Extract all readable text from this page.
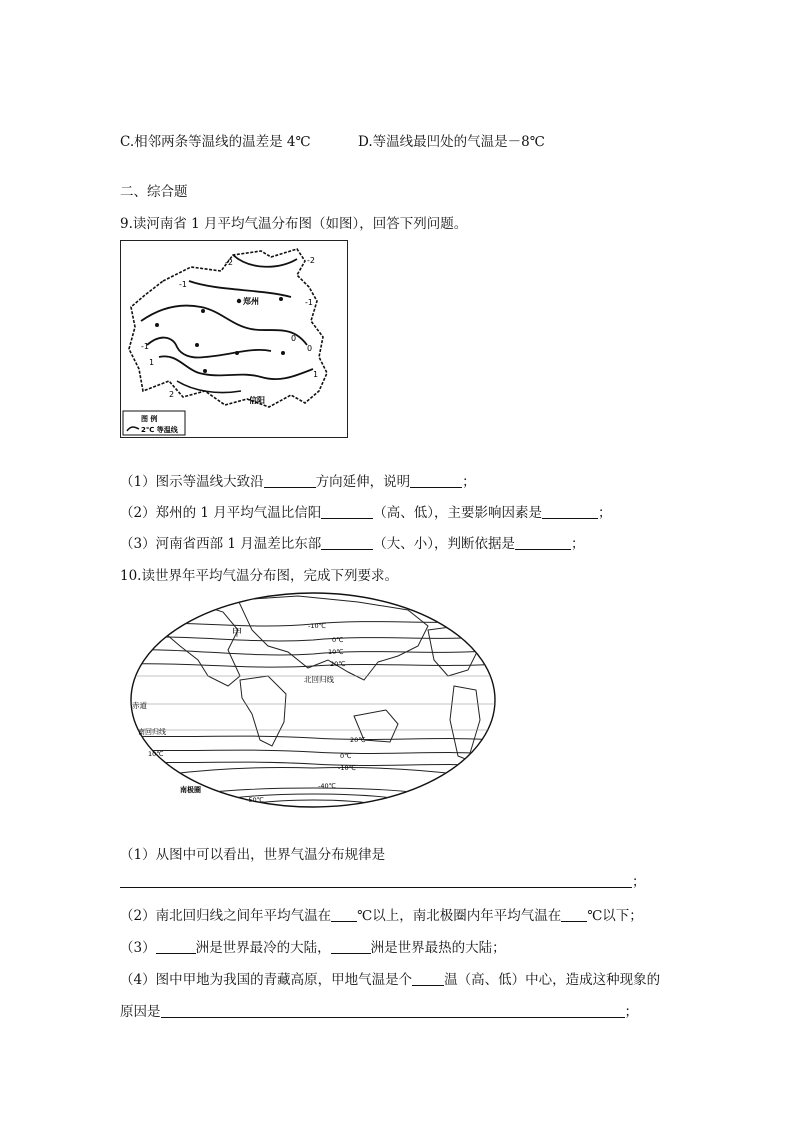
C.相邻两条等温线的温差是 4℃	D.等温线最凹处的气温是－8℃
二、综合题
9.读河南省 1 月平均气温分布图（如图），回答下列问题。
-2	-2
-1
-1
0
1
-1
1
2
0
郑州
信阳
图 例
2℃ 等温线
（1）图示等温线大致沿	方向延伸，说明	；
（2）郑州的 1 月平均气温比信阳	（高、低），主要影响因素是	；
（3）河南省西部 1 月温差比东部	（大、小），判断依据是	；
10.读世界年平均气温分布图，完成下列要求。
甲
北回归线
赤道
南回归线
南极圈
-10℃
0℃
10℃
20℃
20℃
10℃	0℃
-10℃
-40℃
-50℃
（1）从图中可以看出，世界气温分布规律是
；
（2）南北回归线之间年平均气温在 ℃以上，南北极圈内年平均气温在 ℃以下；
（3）	洲是世界最冷的大陆，	洲是世界最热的大陆；
（4）图中甲地为我国的青藏高原，甲地气温是个 温（高、低）中心，造成这种现象的
原因是	；
